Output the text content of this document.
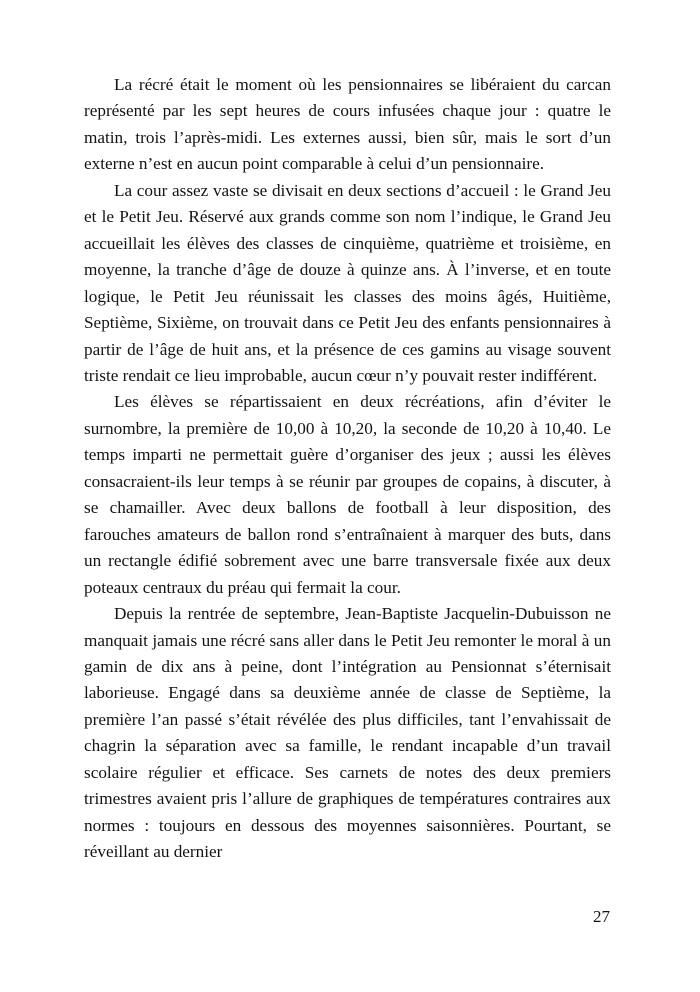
La récré était le moment où les pensionnaires se libéraient du carcan représenté par les sept heures de cours infusées chaque jour : quatre le matin, trois l’après-midi. Les externes aussi, bien sûr, mais le sort d’un externe n’est en aucun point comparable à celui d’un pensionnaire.

La cour assez vaste se divisait en deux sections d’accueil : le Grand Jeu et le Petit Jeu. Réservé aux grands comme son nom l’indique, le Grand Jeu accueillait les élèves des classes de cinquième, quatrième et troisième, en moyenne, la tranche d’âge de douze à quinze ans. À l’inverse, et en toute logique, le Petit Jeu réunissait les classes des moins âgés, Huitième, Septième, Sixième, on trouvait dans ce Petit Jeu des enfants pensionnaires à partir de l’âge de huit ans, et la présence de ces gamins au visage souvent triste rendait ce lieu improbable, aucun cœur n’y pouvait rester indifférent.

Les élèves se répartissaient en deux récréations, afin d’éviter le surnombre, la première de 10,00 à 10,20, la seconde de 10,20 à 10,40. Le temps imparti ne permettait guère d’organiser des jeux ; aussi les élèves consacraient-ils leur temps à se réunir par groupes de copains, à discuter, à se chamailler. Avec deux ballons de football à leur disposition, des farouches amateurs de ballon rond s’entraînaient à marquer des buts, dans un rectangle édifié sobrement avec une barre transversale fixée aux deux poteaux centraux du préau qui fermait la cour.

Depuis la rentrée de septembre, Jean-Baptiste Jacquelin-Dubuisson ne manquait jamais une récré sans aller dans le Petit Jeu remonter le moral à un gamin de dix ans à peine, dont l’intégration au Pensionnat s’éternisait laborieuse. Engagé dans sa deuxième année de classe de Septième, la première l’an passé s’était révélée des plus difficiles, tant l’envahissait de chagrin la séparation avec sa famille, le rendant incapable d’un travail scolaire régulier et efficace. Ses carnets de notes des deux premiers trimestres avaient pris l’allure de graphiques de températures contraires aux normes : toujours en dessous des moyennes saisonnières. Pourtant, se réveillant au dernier

27
